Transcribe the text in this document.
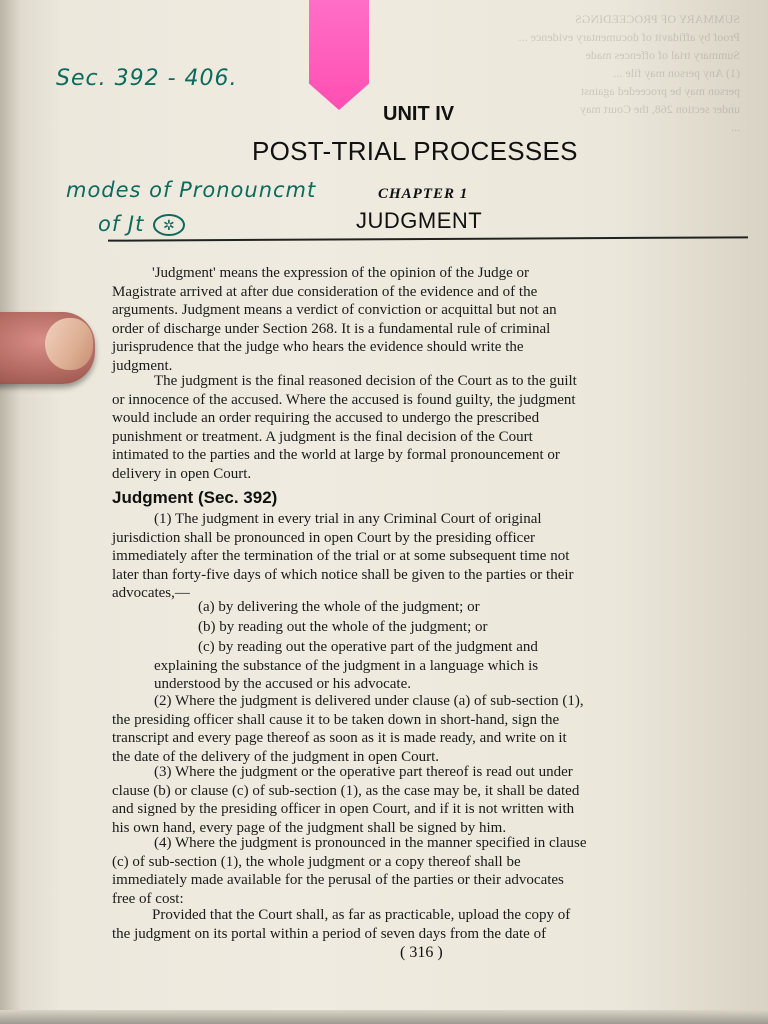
SUMMARY OF PROCEEDINGS
Proof by affidavit of documentary evidence ...
Summary trial of offences made
(1) Any person may file ...
person may be proceeded against
under section 268, the Court may
...
Sec. 392 - 406.
modes of Pronouncmt
of Jt ✲
UNIT IV
POST-TRIAL PROCESSES
CHAPTER 1
JUDGMENT
'Judgment' means the expression of the opinion of the Judge or
Magistrate arrived at after due consideration of the evidence and of the
arguments. Judgment means a verdict of conviction or acquittal but not an
order of discharge under Section 268. It is a fundamental rule of criminal
jurisprudence that the judge who hears the evidence should write the
judgment.
The judgment is the final reasoned decision of the Court as to the guilt
or innocence of the accused. Where the accused is found guilty, the judgment
would include an order requiring the accused to undergo the prescribed
punishment or treatment. A judgment is the final decision of the Court
intimated to the parties and the world at large by formal pronouncement or
delivery in open Court.
Judgment (Sec. 392)
(1) The judgment in every trial in any Criminal Court of original
jurisdiction shall be pronounced in open Court by the presiding officer
immediately after the termination of the trial or at some subsequent time not
later than forty-five days of which notice shall be given to the parties or their
advocates,—
(a) by delivering the whole of the judgment; or
(b) by reading out the whole of the judgment; or
(c) by reading out the operative part of the judgment and
explaining the substance of the judgment in a language which is
understood by the accused or his advocate.
(2) Where the judgment is delivered under clause (a) of sub-section (1),
the presiding officer shall cause it to be taken down in short-hand, sign the
transcript and every page thereof as soon as it is made ready, and write on it
the date of the delivery of the judgment in open Court.
(3) Where the judgment or the operative part thereof is read out under
clause (b) or clause (c) of sub-section (1), as the case may be, it shall be dated
and signed by the presiding officer in open Court, and if it is not written with
his own hand, every page of the judgment shall be signed by him.
(4) Where the judgment is pronounced in the manner specified in clause
(c) of sub-section (1), the whole judgment or a copy thereof shall be
immediately made available for the perusal of the parties or their advocates
free of cost:
Provided that the Court shall, as far as practicable, upload the copy of
the judgment on its portal within a period of seven days from the date of
( 316 )
